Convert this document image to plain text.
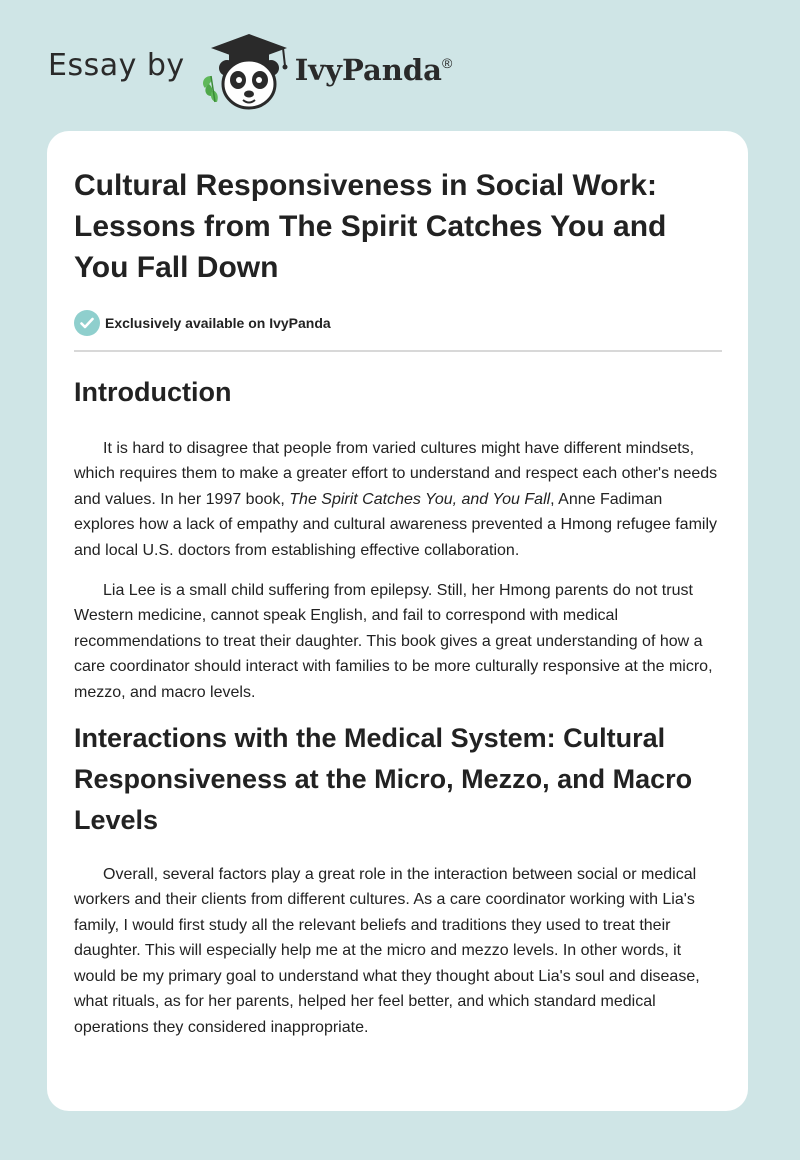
Essay by	IvyPanda®
Cultural Responsiveness in Social Work: Lessons from The Spirit Catches You and You Fall Down
Exclusively available on IvyPanda
Introduction

It is hard to disagree that people from varied cultures might have different mindsets, which requires them to make a greater effort to understand and respect each other's needs and values. In her 1997 book, The Spirit Catches You, and You Fall, Anne Fadiman explores how a lack of empathy and cultural awareness prevented a Hmong refugee family and local U.S. doctors from establishing effective collaboration.

Lia Lee is a small child suffering from epilepsy. Still, her Hmong parents do not trust Western medicine, cannot speak English, and fail to correspond with medical recommendations to treat their daughter. This book gives a great understanding of how a care coordinator should interact with families to be more culturally responsive at the micro, mezzo, and macro levels.

Interactions with the Medical System: Cultural Responsiveness at the Micro, Mezzo, and Macro Levels

Overall, several factors play a great role in the interaction between social or medical workers and their clients from different cultures. As a care coordinator working with Lia's family, I would first study all the relevant beliefs and traditions they used to treat their daughter. This will especially help me at the micro and mezzo levels. In other words, it would be my primary goal to understand what they thought about Lia's soul and disease, what rituals, as for her parents, helped her feel better, and which standard medical operations they considered inappropriate.
